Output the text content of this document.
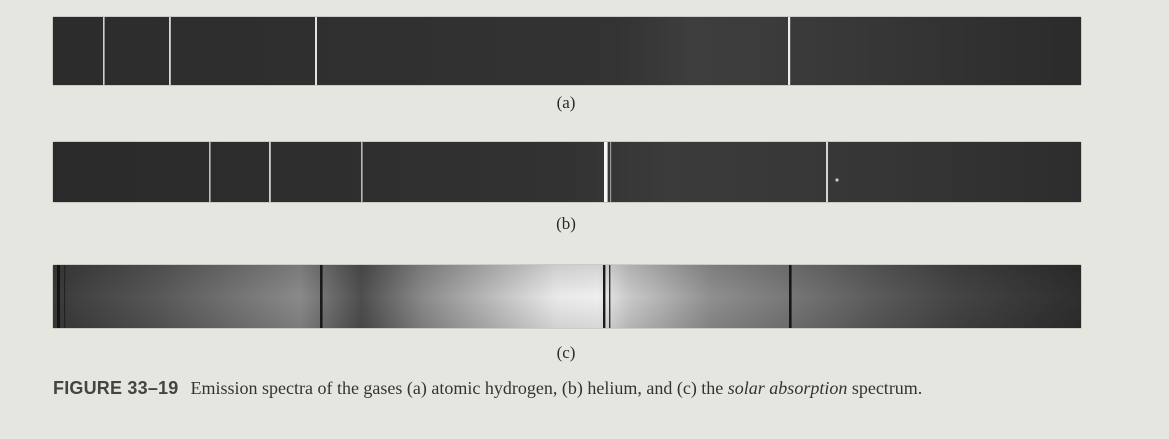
(a)
(b)
(c)
FIGURE 33–19 Emission spectra of the gases (a) atomic hydrogen, (b) helium, and (c) the solar absorption spectrum.
